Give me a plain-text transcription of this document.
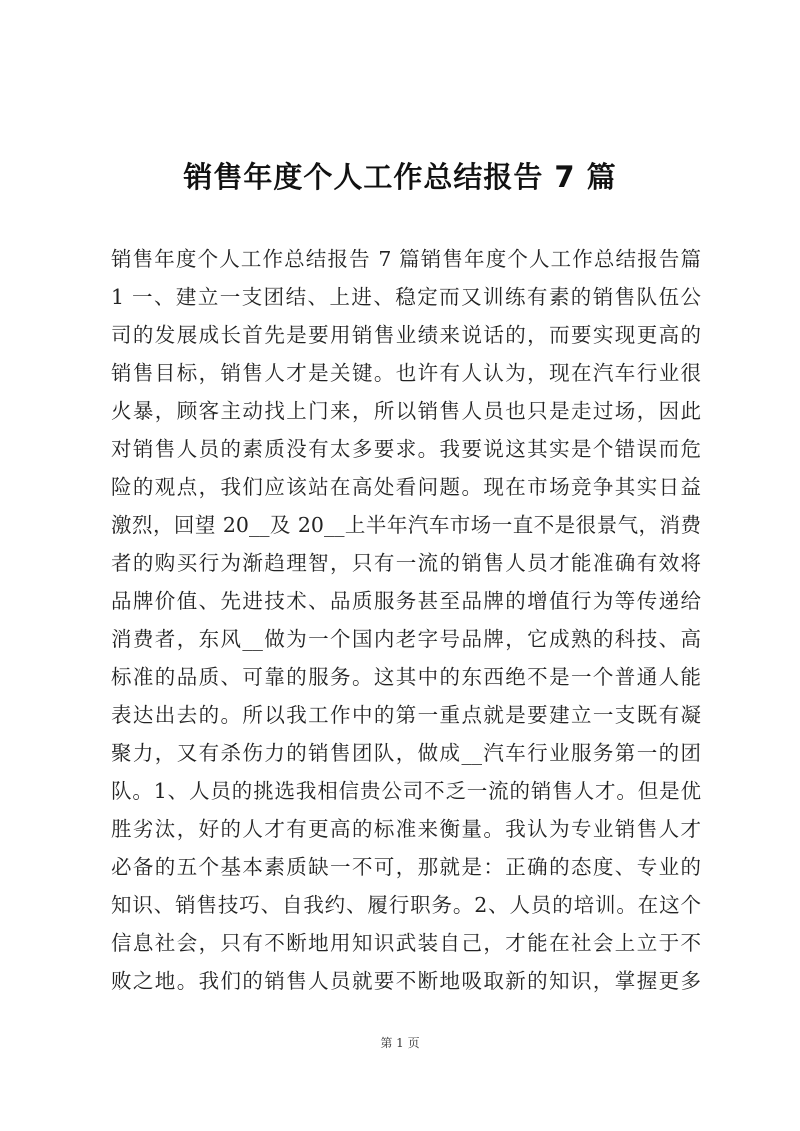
销售年度个人工作总结报告 7 篇
销售年度个人工作总结报告 7 篇销售年度个人工作总结报告篇
1 一、建立一支团结、上进、稳定而又训练有素的销售队伍公
司的发展成长首先是要用销售业绩来说话的，而要实现更高的
销售目标，销售人才是关键。也许有人认为，现在汽车行业很
火暴，顾客主动找上门来，所以销售人员也只是走过场，因此
对销售人员的素质没有太多要求。我要说这其实是个错误而危
险的观点，我们应该站在高处看问题。现在市场竞争其实日益
激烈，回望 20__及 20__上半年汽车市场一直不是很景气，消费
者的购买行为渐趋理智，只有一流的销售人员才能准确有效将
品牌价值、先进技术、品质服务甚至品牌的增值行为等传递给
消费者，东风__做为一个国内老字号品牌，它成熟的科技、高
标准的品质、可靠的服务。这其中的东西绝不是一个普通人能
表达出去的。所以我工作中的第一重点就是要建立一支既有凝
聚力，又有杀伤力的销售团队，做成__汽车行业服务第一的团
队。1、人员的挑选我相信贵公司不乏一流的销售人才。但是优
胜劣汰，好的人才有更高的标准来衡量。我认为专业销售人才
必备的五个基本素质缺一不可，那就是：正确的态度、专业的
知识、销售技巧、自我约、履行职务。2、人员的培训。在这个
信息社会，只有不断地用知识武装自己，才能在社会上立于不
败之地。我们的销售人员就要不断地吸取新的知识，掌握更多
第 1 页
